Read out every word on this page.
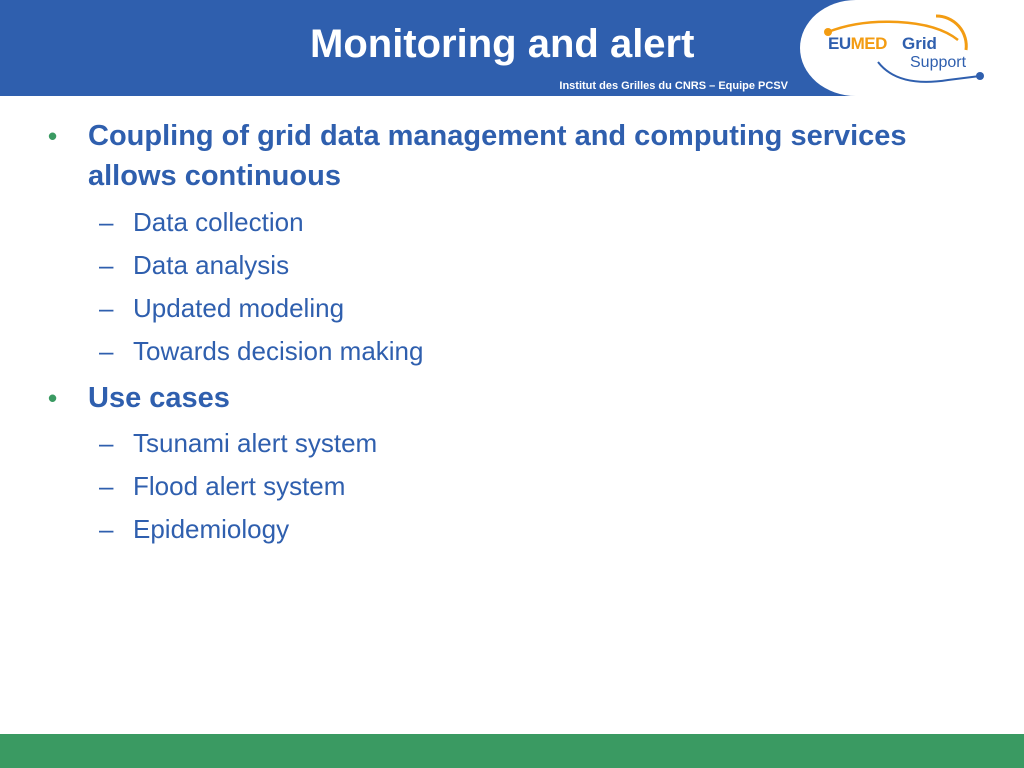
Monitoring and alert
Institut des Grilles du CNRS – Equipe PCSV
EUMED Grid
Support
• Coupling of grid data management and computing services allows continuous
– Data collection
– Data analysis
– Updated modeling
– Towards decision making
• Use cases
– Tsunami alert system
– Flood alert system
– Epidemiology
